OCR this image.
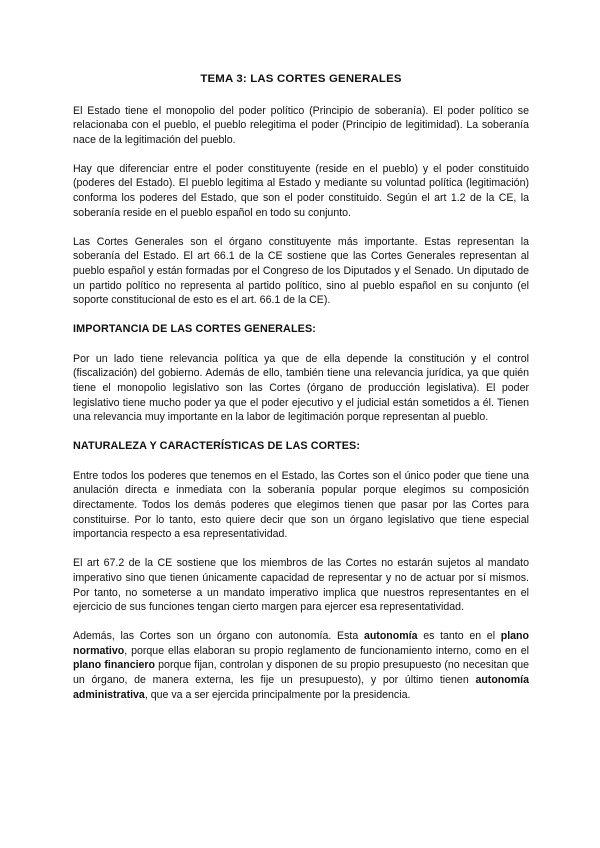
TEMA 3: LAS CORTES GENERALES

El Estado tiene el monopolio del poder político (Principio de soberanía). El poder político se relacionaba con el pueblo, el pueblo relegitima el poder (Principio de legitimidad). La soberanía nace de la legitimación del pueblo.

Hay que diferenciar entre el poder constituyente (reside en el pueblo) y el poder constituido (poderes del Estado). El pueblo legitima al Estado y mediante su voluntad política (legitimación) conforma los poderes del Estado, que son el poder constituido. Según el art 1.2 de la CE, la soberanía reside en el pueblo español en todo su conjunto.

Las Cortes Generales son el órgano constituyente más importante. Estas representan la soberanía del Estado. El art 66.1 de la CE sostiene que las Cortes Generales representan al pueblo español y están formadas por el Congreso de los Diputados y el Senado. Un diputado de un partido político no representa al partido político, sino al pueblo español en su conjunto (el soporte constitucional de esto es el art. 66.1 de la CE).

IMPORTANCIA DE LAS CORTES GENERALES:

Por un lado tiene relevancia política ya que de ella depende la constitución y el control (fiscalización) del gobierno. Además de ello, también tiene una relevancia jurídica, ya que quién tiene el monopolio legislativo son las Cortes (órgano de producción legislativa). El poder legislativo tiene mucho poder ya que el poder ejecutivo y el judicial están sometidos a él. Tienen una relevancia muy importante en la labor de legitimación porque representan al pueblo.

NATURALEZA Y CARACTERÍSTICAS DE LAS CORTES:

Entre todos los poderes que tenemos en el Estado, las Cortes son el único poder que tiene una anulación directa e inmediata con la soberanía popular porque elegimos su composición directamente. Todos los demás poderes que elegimos tienen que pasar por las Cortes para constituirse. Por lo tanto, esto quiere decir que son un órgano legislativo que tiene especial importancia respecto a esa representatividad.

El art 67.2 de la CE sostiene que los miembros de las Cortes no estarán sujetos al mandato imperativo sino que tienen únicamente capacidad de representar y no de actuar por sí mismos. Por tanto, no someterse a un mandato imperativo implica que nuestros representantes en el ejercicio de sus funciones tengan cierto margen para ejercer esa representatividad.

Además, las Cortes son un órgano con autonomía. Esta autonomía es tanto en el plano normativo, porque ellas elaboran su propio reglamento de funcionamiento interno, como en el plano financiero porque fijan, controlan y disponen de su propio presupuesto (no necesitan que un órgano, de manera externa, les fije un presupuesto), y por último tienen autonomía administrativa, que va a ser ejercida principalmente por la presidencia.
